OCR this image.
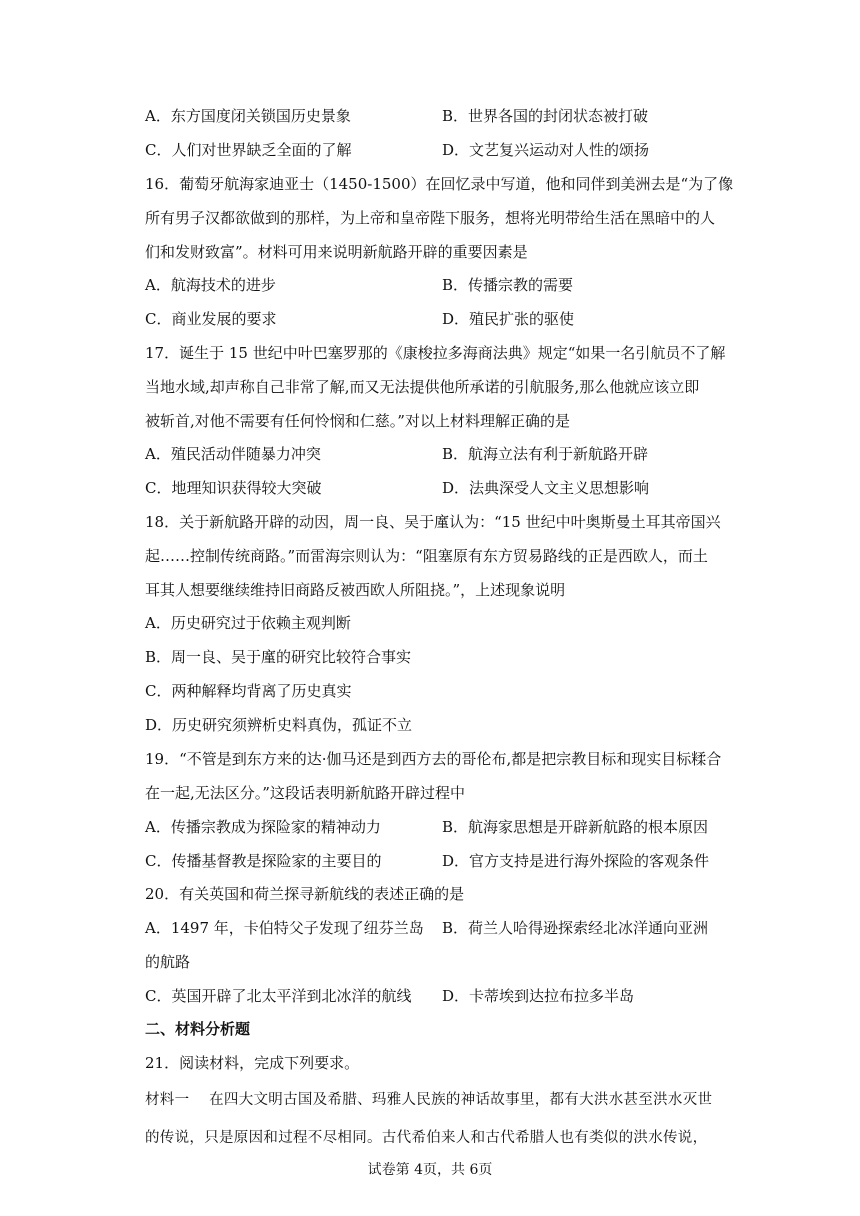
A．东方国度闭关锁国历史景象	B．世界各国的封闭状态被打破
C．人们对世界缺乏全面的了解	D．文艺复兴运动对人性的颂扬
16．葡萄牙航海家迪亚士（1450-1500）在回忆录中写道，他和同伴到美洲去是“为了像
所有男子汉都欲做到的那样，为上帝和皇帝陛下服务，想将光明带给生活在黑暗中的人
们和发财致富”。材料可用来说明新航路开辟的重要因素是
A．航海技术的进步	B．传播宗教的需要
C．商业发展的要求	D．殖民扩张的驱使
17．诞生于 15 世纪中叶巴塞罗那的《康梭拉多海商法典》规定“如果一名引航员不了解
当地水域,却声称自己非常了解,而又无法提供他所承诺的引航服务,那么他就应该立即
被斩首,对他不需要有任何怜悯和仁慈。”对以上材料理解正确的是
A．殖民活动伴随暴力冲突	B．航海立法有利于新航路开辟
C．地理知识获得较大突破	D．法典深受人文主义思想影响
18．关于新航路开辟的动因，周一良、吴于廑认为：“15 世纪中叶奥斯曼土耳其帝国兴
起……控制传统商路。”而雷海宗则认为：“阻塞原有东方贸易路线的正是西欧人，而土
耳其人想要继续维持旧商路反被西欧人所阻挠。”，上述现象说明
A．历史研究过于依赖主观判断
B．周一良、吴于廑的研究比较符合事实
C．两种解释均背离了历史真实
D．历史研究须辨析史料真伪，孤证不立
19．“不管是到东方来的达·伽马还是到西方去的哥伦布,都是把宗教目标和现实目标糅合
在一起,无法区分。”这段话表明新航路开辟过程中
A．传播宗教成为探险家的精神动力	B．航海家思想是开辟新航路的根本原因
C．传播基督教是探险家的主要目的	D．官方支持是进行海外探险的客观条件
20．有关英国和荷兰探寻新航线的表述正确的是
A．1497 年，卡伯特父子发现了纽芬兰岛 B．荷兰人哈得逊探索经北冰洋通向亚洲
的航路
C．英国开辟了北太平洋到北冰洋的航线 D．卡蒂埃到达拉布拉多半岛
二、材料分析题
21．阅读材料，完成下列要求。
材料一　 在四大文明古国及希腊、玛雅人民族的神话故事里，都有大洪水甚至洪水灭世
的传说，只是原因和过程不尽相同。古代希伯来人和古代希腊人也有类似的洪水传说，
试卷第 4页，共 6页
